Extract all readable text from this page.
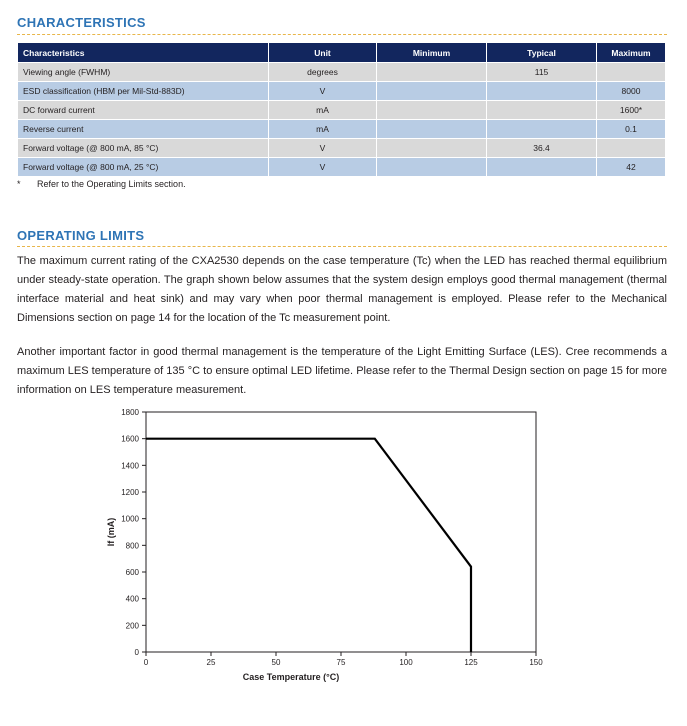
CHARACTERISTICS
Characteristics	Unit	Minimum	Typical	Maximum
Viewing angle (FWHM)	degrees		115	
ESD classification (HBM per Mil-Std-883D)	V			8000
DC forward current	mA			1600*
Reverse current	mA			0.1
Forward voltage (@ 800 mA, 85 °C)	V		36.4	
Forward voltage (@ 800 mA, 25 °C)	V			42
* Refer to the Operating Limits section.
OPERATING LIMITS

The maximum current rating of the CXA2530 depends on the case temperature (Tc) when the LED has reached thermal equilibrium under steady-state operation. The graph shown below assumes that the system design employs good thermal management (thermal interface material and heat sink) and may vary when poor thermal management is employed. Please refer to the Mechanical Dimensions section on page 14 for the location of the Tc measurement point.

Another important factor in good thermal management is the temperature of the Light Emitting Surface (LES). Cree recommends a maximum LES temperature of 135 °C to ensure optimal LED lifetime. Please refer to the Thermal Design section on page 15 for more information on LES temperature measurement.

0
200
400
600
800
1000
1200
1400
1600
1800
0	25	50	75	100	125	150
Case Temperature (°C)
If (mA)
